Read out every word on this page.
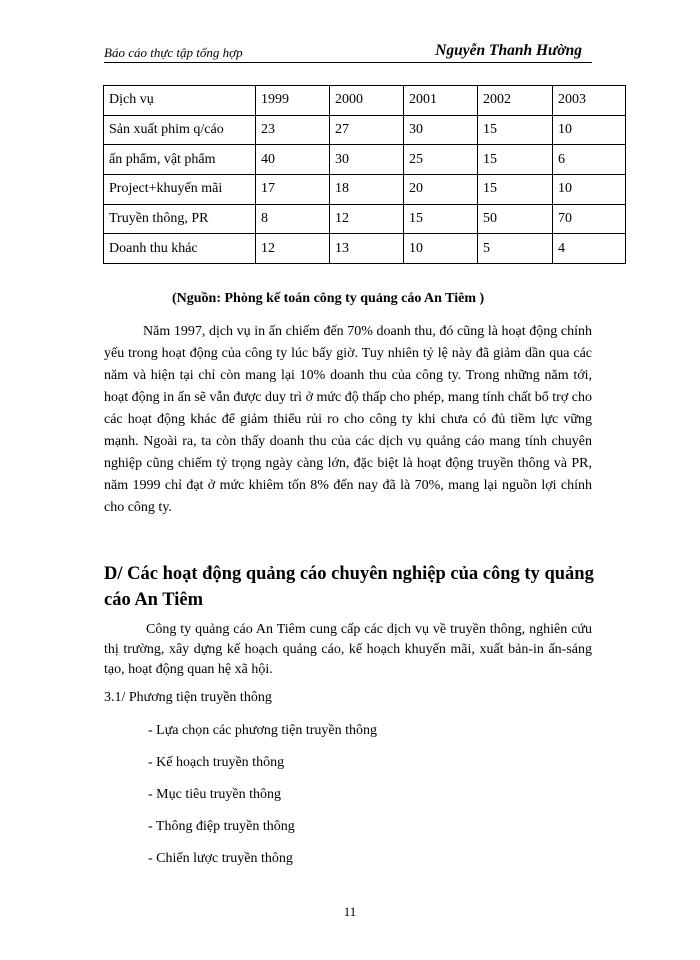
Báo cáo thực tập tổng hợp	Nguyễn Thanh Hường
Dịch vụ	1999	2000	2001	2002	2003
Sản xuất phim q/cáo	23	27	30	15	10
ấn phẩm, vật phẩm	40	30	25	15	6
Project+khuyến mãi	17	18	20	15	10
Truyền thông, PR	8	12	15	50	70
Doanh thu khác	12	13	10	5	4
(Nguồn: Phòng kế toán công ty quảng cáo An Tiêm )

Năm 1997, dịch vụ in ấn chiếm đến 70% doanh thu, đó cũng là hoạt động chính yếu trong hoạt động của công ty lúc bấy giờ. Tuy nhiên tỷ lệ này đã giảm dần qua các năm và hiện tại chỉ còn mang lại 10% doanh thu của công ty. Trong những năm tới, hoạt động in ấn sẽ vẫn được duy trì ở mức độ thấp cho phép, mang tính chất bổ trợ cho các hoạt động khác để giảm thiểu rủi ro cho công ty khi chưa có đủ tiềm lực vững mạnh. Ngoài ra, ta còn thấy doanh thu của các dịch vụ quảng cáo mang tính chuyên nghiệp cũng chiếm tỷ trọng ngày càng lớn, đặc biệt là hoạt động truyền thông và PR, năm 1999 chỉ đạt ở mức khiêm tốn 8% đến nay đã là 70%, mang lại nguồn lợi chính cho công ty.

D/ Các hoạt động quảng cáo chuyên nghiệp của công ty quảng cáo An Tiêm

Công ty quảng cáo An Tiêm cung cấp các dịch vụ về truyền thông, nghiên cứu thị trường, xây dựng kế hoạch quảng cáo, kế hoạch khuyến mãi, xuất bản-in ấn-sáng tạo, hoạt động quan hệ xã hội.

3.1/ Phương tiện truyền thông
- Lựa chọn các phương tiện truyền thông
- Kế hoạch truyền thông
- Mục tiêu truyền thông
- Thông điệp truyền thông
- Chiến lược truyền thông
11
